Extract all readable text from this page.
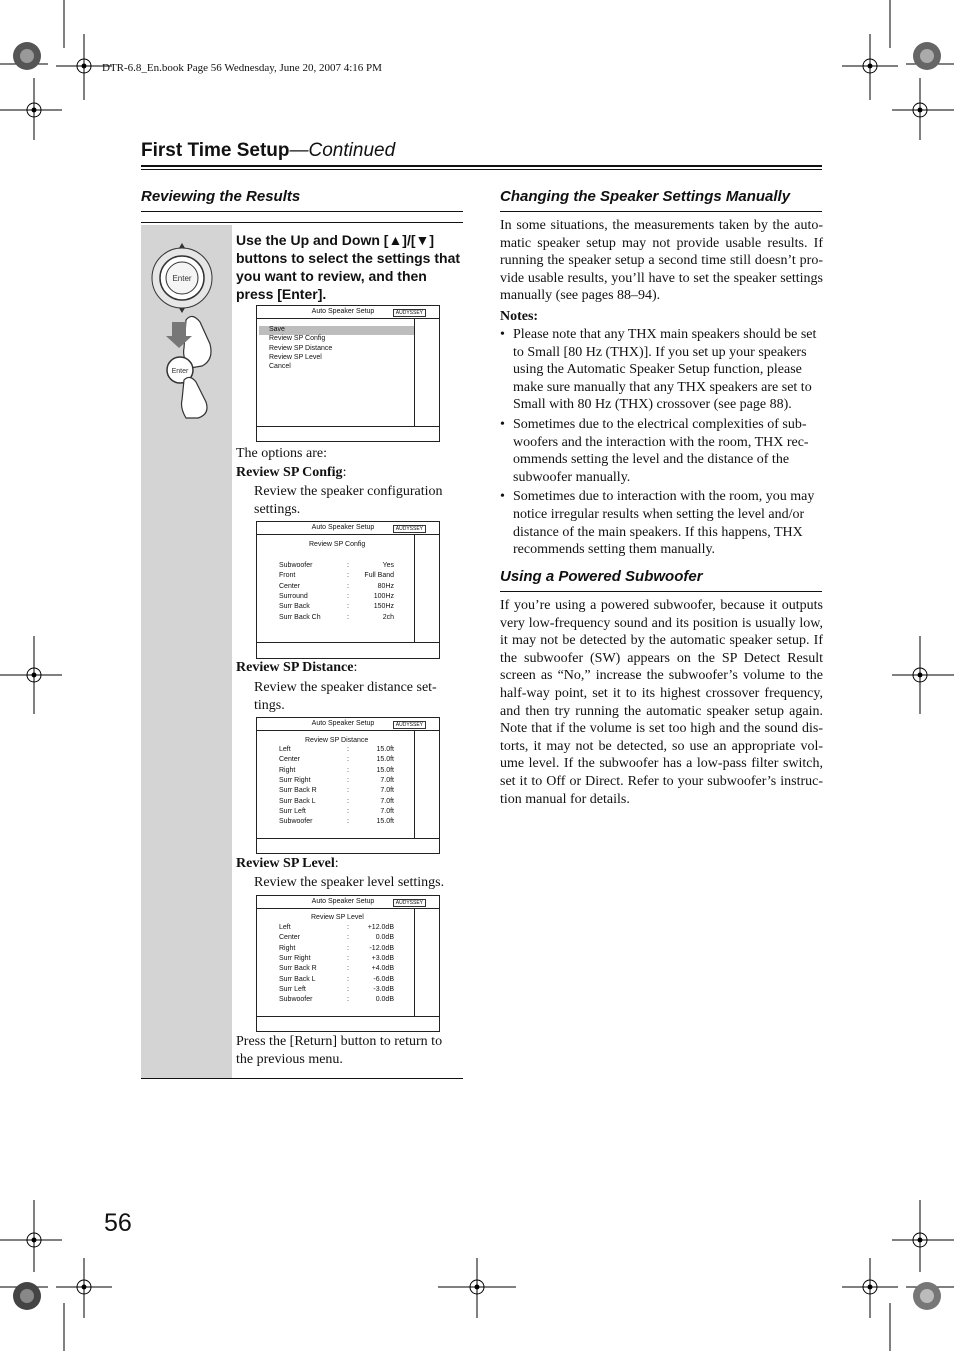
DTR-6.8_En.book Page 56 Wednesday, June 20, 2007 4:16 PM
First Time Setup—Continued
Reviewing the Results
Enter
Enter
Use the Up and Down [▲]/[▼] buttons to select the settings that you want to review, and then press [Enter].
Auto Speaker Setup	AUDYSSEY
Save
Review SP Config
Review SP Distance
Review SP Level
Cancel
The options are:
Review SP Config:
Review the speaker configuration settings.
Auto Speaker Setup	AUDYSSEY
Review SP Config
Subwoofer	:	Yes
Front	: Full Band
Center	:	80Hz
Surround	:	100Hz
Surr Back	:	150Hz
Surr Back Ch	:	2ch
Review SP Distance:
Review the speaker distance set-tings.
Auto Speaker Setup	AUDYSSEY
Review SP Distance
Left	:	15.0ft
Center	:	15.0ft
Right	:	15.0ft
Surr Right	:	7.0ft
Surr Back R	:	7.0ft
Surr Back L	:	7.0ft
Surr Left	:	7.0ft
Subwoofer	:	15.0ft
Review SP Level:
Review the speaker level settings.
Auto Speaker Setup	AUDYSSEY
Review SP Level
Left	:	+12.0dB
Center	:	0.0dB
Right	:	-12.0dB
Surr Right	:	+3.0dB
Surr Back R	:	+4.0dB
Surr Back L	:	-6.0dB
Surr Left	:	-3.0dB
Subwoofer	:	0.0dB
Press the [Return] button to return to the previous menu.
Changing the Speaker Settings Manually
In some situations, the measurements taken by the auto-matic speaker setup may not provide usable results. If running the speaker setup a second time still doesn’t pro-vide usable results, you’ll have to set the speaker settings manually (see pages 88–94).
Notes:
• Please note that any THX main speakers should be set to Small [80 Hz (THX)]. If you set up your speakers using the Automatic Speaker Setup function, please make sure manually that any THX speakers are set to Small with 80 Hz (THX) crossover (see page 88).
• Sometimes due to the electrical complexities of sub-woofers and the interaction with the room, THX rec-ommends setting the level and the distance of the subwoofer manually.
• Sometimes due to interaction with the room, you may notice irregular results when setting the level and/or distance of the main speakers. If this happens, THX recommends setting them manually.
Using a Powered Subwoofer
If you’re using a powered subwoofer, because it outputs very low-frequency sound and its position is usually low, it may not be detected by the automatic speaker setup. If the subwoofer (SW) appears on the SP Detect Result screen as “No,” increase the subwoofer’s volume to the half-way point, set it to its highest crossover frequency, and then try running the automatic speaker setup again. Note that if the volume is set too high and the sound dis-torts, it may not be detected, so use an appropriate vol-ume level. If the subwoofer has a low-pass filter switch, set it to Off or Direct. Refer to your subwoofer’s instruc-tion manual for details.
56
